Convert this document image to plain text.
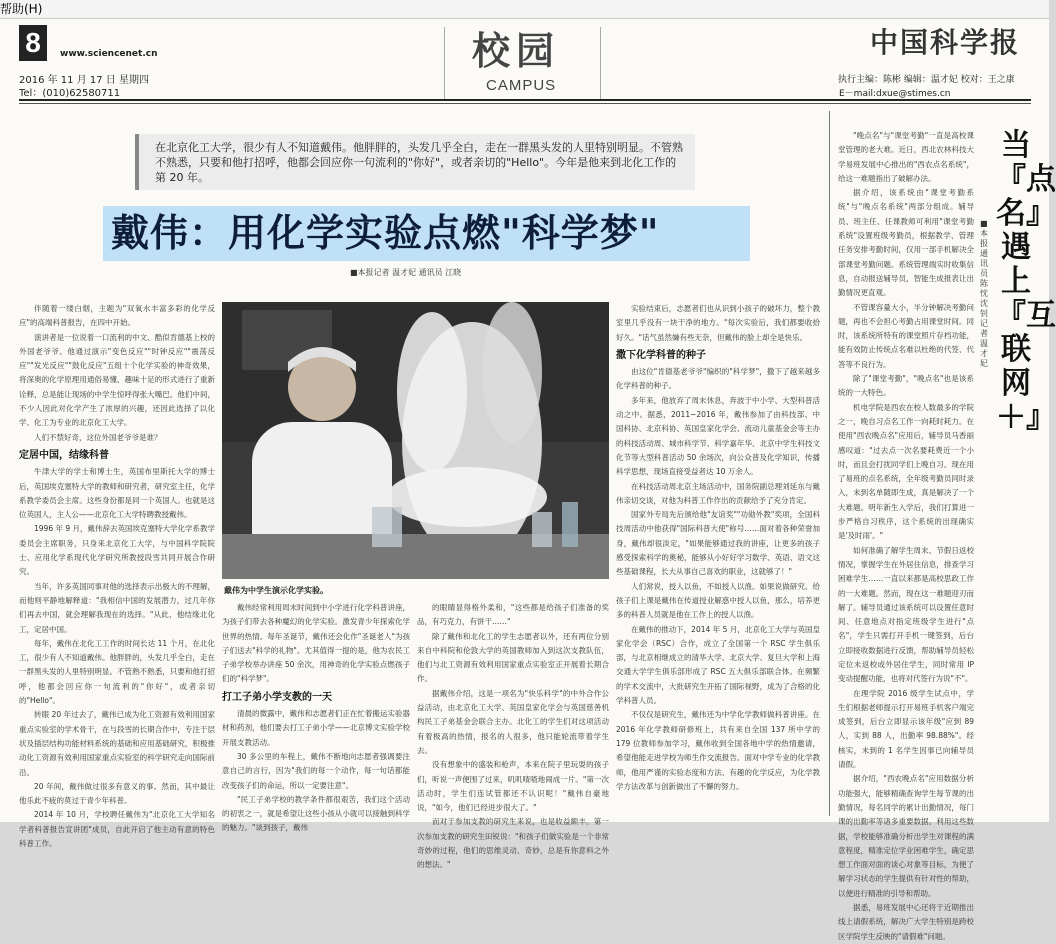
帮助(H)
8	www.sciencenet.cn
2016 年 11 月 17 日 星期四
Tel：(010)62580711
校园
CAMPUS
中国科学报
执行主编：陈彬 编辑：温才妃 校对：王之康
E－mail:dxue@stimes.cn
在北京化工大学，很少有人不知道戴伟。他胖胖的，头发几乎全白，走在一群黑头发的人里特别明显。不管熟不熟悉，只要和他打招呼，他都会回应你一句流利的"你好"，或者亲切的"Hello"。今年是他来到北化工作的第 20 年。
戴伟：用化学实验点燃"科学梦"
■本报记者 温才妃 通讯员 江晓

伴随着一缕白烟，主题为"双氧水丰富多彩的化学反应"的高端科普报告，在四中开始。

演讲者是一位说着一口流利的中文、酷似肯德基上校的外国老爷爷。他通过演示"变色反应""时钟反应""震荡反应""发光反应""鼓化反应"五组十个化学实验的神奇效果，将深奥的化学原理用通俗易懂、趣味十足的形式进行了重新诠释，总是能让现场的中学生惊呼得张大嘴巴。他们中间，不少人因此对化学产生了浓厚的兴趣，还因此选择了以化学、化工为专业的北京化工大学。

人们不禁好奇，这位外国老爷爷是谁？

定居中国，结缘科普

牛津大学的学士和博士生，英国布里斯托大学的博士后，英国埃克塞特大学的教师和研究者，研究室主任，化学系教学委员会主席。这些身份都是同一个英国人。也就是这位英国人，主人公——北京化工大学特聘教授戴伟。

1996 年 9 月，戴伟辞去英国埃克塞特大学化学系教学委员会主席职务，只身来北京化工大学，与中国科学院院士、应用化学系现代化学研究所教授段雪共同开展合作研究。

当年，许多英国同事对他的选择表示出极大的不理解，而他则平静地解释道："我相信中国的发展潜力，过几年你们再去中国，就会理解我现在的选择。"从此，他结缘北化工，定居中国。

每年，戴伟在北化工工作的时间长达 11 个月，在北化工，很少有人不知道戴伟。他胖胖的，头发几乎全白，走在一群黑头发的人里特别明显。不管熟不熟悉，只要和他打招呼，他都会回应你一句流利的"你好"，或者亲切的"Hello"。

转眼 20 年过去了，戴伟已成为化工资源有效利用国家重点实验室的学术骨干，在与段雪的长期合作中，专注于层状及插层结构功能材料系统的基础和应用基础研究，积极推动化工资源有效利用国家重点实验室的科学研究走向国际前沿。

20 年间，戴伟做过很多有意义的事。然而，其中最让他乐此不疲的莫过于青少年科普。

2014 年 10 月，学校聘任戴伟为"北京化工大学知名学者科普报告宣讲团"成员，自此开启了他主动有意的特色科普工作。

戴伟为中学生演示化学实验。

戴伟经常利用周末时间到中小学进行化学科普讲座，为孩子们带去各种魔幻的化学实验。激发青少年探索化学世界的热情。每年圣诞节，戴伟还会化作"圣诞老人"为孩子们送去"科学的礼物"。尤其值得一提的是，他为农民工子弟学校举办讲座 50 余次，用神奇的化学实验点燃孩子们的"科学梦"。

打工子弟小学支教的一天

清晨的微露中，戴伟和志愿者们正在忙着搬运实验器材和药剂，他们要去打工子弟小学——北京博文实验学校开展支教活动。

30 多公里的车程上，戴伟不断地向志愿者强调要注意自己的言行，因为"我们的每一个动作，每一句话都能改变孩子们的命运，所以一定要注意"。

"民工子弟学校的教学条件都很艰苦，我们这个活动的初衷之一，就是希望让这些小孩从小就可以接触到科学的魅力。"谈到孩子，戴伟

的眼睛显得格外柔和，"这些都是给孩子们准备的奖品，有巧克力，有饼干……"

除了戴伟和北化工的学生志愿者以外，还有两位分别来自中科院和伦敦大学的英国教师加入到这次支教队伍，他们与北工资源有效利用国家重点实验室正开展着长期合作。

据戴伟介绍，这是一项名为"快乐科学"的中外合作公益活动，由北京化工大学、英国皇家化学会与英国慈善机构民工子弟基金会联合主办。北化工的学生们对这项活动有着极高的热情，报名的人很多，他只能轮流带着学生去。

没有想象中的盛装和枪声，本来在院子里玩耍的孩子们，听说一声便围了过来，叽叽喳喳地闹成一片。"第一次活动时，学生们连试管都还不认识呢！"戴伟自豪地说，"如今，他们已经进步很大了。"

而对于参加支教的研究生来说，也是收益颇丰。第一次参加支教的研究生田锐说："和孩子们做实验是一个非常奇妙的过程，他们的思维灵动、奇妙，总是有你意料之外的想法。"

实验结束后，志愿者们也从识到小孩子的破坏力，整个教室里几乎没有一块干净的地方。"每次实验后，我们都要收拾好久。"话气虽然嫌有些无奈，但戴伟的脸上却全是快乐。

撒下化学科普的种子

由这位"肯德基老爷爷"编织的"科学梦"，撒下了越来越多化学科普的种子。

多年来，他放弃了周末休息，奔波于中小学、大型科普活动之中。据悉，2011~2016 年，戴伟参加了由科技部、中国科协、北京科协、英国皇家化学会、流动儿童基金会等主办的科技活动周、城市科学节、科学嘉年华、北京中学生科技文化节等大型科普活动 50 余场次，向公众普及化学知识，传播科学思想，现场直接受益者达 10 万余人。

在科技活动周北京主场活动中，国务院副总理刘延东与戴伟亲切交谈，对他为科普工作作出的贡献给予了充分肯定。

国家外专局先后颁给他"友谊奖""功勋外教"奖项，全国科技周活动中他获得"国际科普大使"称号……面对着各种荣誉加身，戴伟却很淡定，"如果能够通过我的讲座，让更多的孩子感受探索科学的奥秘，能够从小好好学习数学、英语、语文这些基础课程，长大从事自己喜欢的职业，这就够了！"

人们常说，授人以鱼，不如授人以渔。如果说做研究、给孩子们上课是戴伟在传道授业解惑中授人以鱼，那么，培养更多的科普人员就是他在工作上的授人以渔。

在戴伟的推动下，2014 年 5 月，北京化工大学与英国皇家化学会（RSC）合作，成立了全国第一个 RSC 学生俱乐部，与北京相继成立的清华大学、北京大学、复旦大学和上海交通大学学生俱乐部形成了 RSC 五大俱乐部联合体。在频繁的学术交流中，大批研究生开拓了国际视野，成为了合格的化学科普人员。

不仅仅是研究生，戴伟还为中学化学教师做科普讲座。在 2016 年化学教师研修班上，共有来自全国 137 所中学的 179 位教师参加学习，戴伟收到全国各地中学的热情邀请，希望他能走进学校为师生作交流报告。面对中学专业的化学教师，他用严谨的实验态度和方法、有趣的化学反应，为化学教学方法改革与创新做出了不懈的努力。

"晚点名"与"课堂考勤"一直是高校课堂管理的老大难。近日，西北农林科技大学易班发展中心推出的"西农点名系统"，给这一难题指出了破解办法。

据介绍，该系统由"课堂考勤系统"与"晚点名系统"两部分组成。辅导员、班主任、任课教师可利用"课堂考勤系统"设置班级考勤员，根据教学、管理任务安排考勤时间，仅用一部手机解决全部课堂考勤问题。系统管理端实时收集信息，自动报送辅导员，智能生成报表让出勤情况更直观。

不管课容量大小，半分钟解决考勤问题，再也不会担心考勤占用课堂时间。同时，该系统所特有的课堂照片存档功能，能有效防止传统点名难以杜绝的代签、代答等不良行为。

除了"课堂考勤"，"晚点名"也是该系统的一大特色。

机电学院是西农在校人数最多的学院之一，晚自习点名工作一向耗时耗力。在使用"西农晚点名"应用后，辅导员马香丽感叹道："过去点一次名要耗费近一个小时，而且会打扰同学们上晚自习。现在用了易班的点名系统，全年级考勤员同时录入，未到名单随即生成，真是解决了一个大难题。明年新生入学后，我们打算进一步严格自习秩序，这个系统的出现确实是'及时雨'。"

如何准确了解学生周末、节假日返校情况，掌握学生在外居住信息，排查学习困难学生……一直以来都是高校思政工作的一大难题。然而，现在这一难题迎刃而解了。辅导员通过该系统可以设置任意时间、任意地点对指定班级学生进行"点名"，学生只需打开手机一键签到，后台立即接收数据进行反馈，帮助辅导员轻松定位未返校或外居住学生，同时常用 IP 变动提醒功能，也将对代签行为说"不"。

在理学院 2016 级学生试点中，学生们根据老师提示打开易班手机客户端完成签到，后台立即显示该年级"应到 89 人，实到 88 人，出勤率 98.88%"。经核实，未到的 1 名学生因事已向辅导员请假。

据介绍，"西农晚点名"应用数据分析功能强大，能够精确查询学生每节课的出勤情况，每名同学的累计出勤情况，每门课的出勤率等诸多重要数据。利用这些数据，学校能够准确分析出学生对课程的满意程度，精准定位学业困难学生，确定思想工作面对面的谈心对象等目标，为便了解学习状态的学生提供有针对性的帮助，以便进行精准的引导和帮助。

据悉，易班发展中心还将于近期推出线上请假系统，解决广大学生特别是跨校区学院学生反映的"请假难"问题。

当『点名』遇上『互联网＋』
■本报通讯员 陈忱 沈钊 记者 温才妃
